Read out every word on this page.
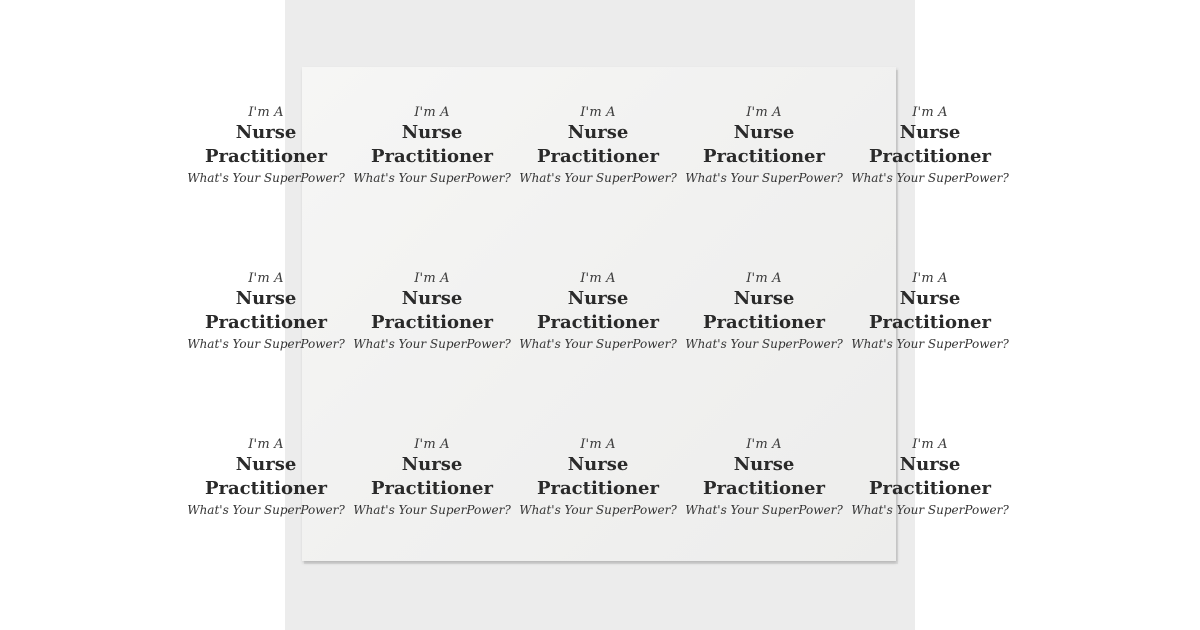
I'm A
Nurse
Practitioner
What's Your SuperPower?
I'm A
Nurse
Practitioner
What's Your SuperPower?
I'm A
Nurse
Practitioner
What's Your SuperPower?
I'm A
Nurse
Practitioner
What's Your SuperPower?
I'm A
Nurse
Practitioner
What's Your SuperPower?
I'm A
Nurse
Practitioner
What's Your SuperPower?
I'm A
Nurse
Practitioner
What's Your SuperPower?
I'm A
Nurse
Practitioner
What's Your SuperPower?
I'm A
Nurse
Practitioner
What's Your SuperPower?
I'm A
Nurse
Practitioner
What's Your SuperPower?
I'm A
Nurse
Practitioner
What's Your SuperPower?
I'm A
Nurse
Practitioner
What's Your SuperPower?
I'm A
Nurse
Practitioner
What's Your SuperPower?
I'm A
Nurse
Practitioner
What's Your SuperPower?
I'm A
Nurse
Practitioner
What's Your SuperPower?
